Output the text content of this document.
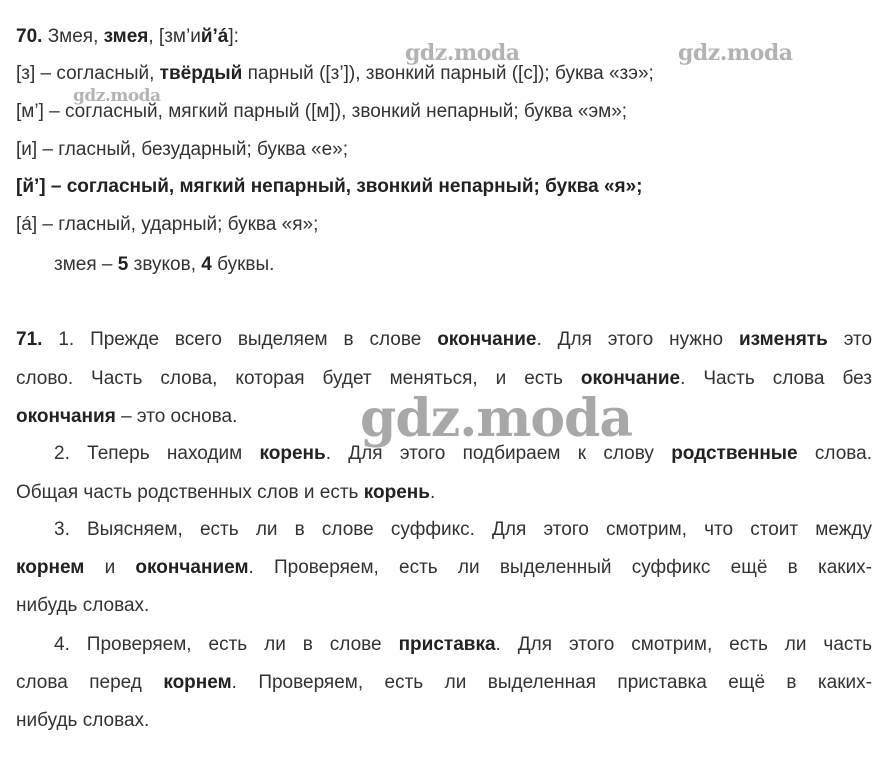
70. Змея, змея, [зм’ий’á]:
[з] – согласный, твёрдый парный ([з’]), звонкий парный ([с]); буква «зэ»;
[м’] – согласный, мягкий парный ([м]), звонкий непарный; буква «эм»;
[и] – гласный, безударный; буква «е»;
[й’] – согласный, мягкий непарный, звонкий непарный; буква «я»;
[á] – гласный, ударный; буква «я»;
змея – 5 звуков, 4 буквы.
71. 1. Прежде всего выделяем в слове окончание. Для этого нужно изменять это
слово. Часть слова, которая будет меняться, и есть окончание. Часть слова без
окончания – это основа.
2. Теперь находим корень. Для этого подбираем к слову родственные слова.
Общая часть родственных слов и есть корень.
3. Выясняем, есть ли в слове суффикс. Для этого смотрим, что стоит между
корнем и окончанием. Проверяем, есть ли выделенный суффикс ещё в каких-
нибудь словах.
4. Проверяем, есть ли в слове приставка. Для этого смотрим, есть ли часть
слова перед корнем. Проверяем, есть ли выделенная приставка ещё в каких-
нибудь словах.
gdz.moda	gdz.moda
gdz.moda
gdz.moda
